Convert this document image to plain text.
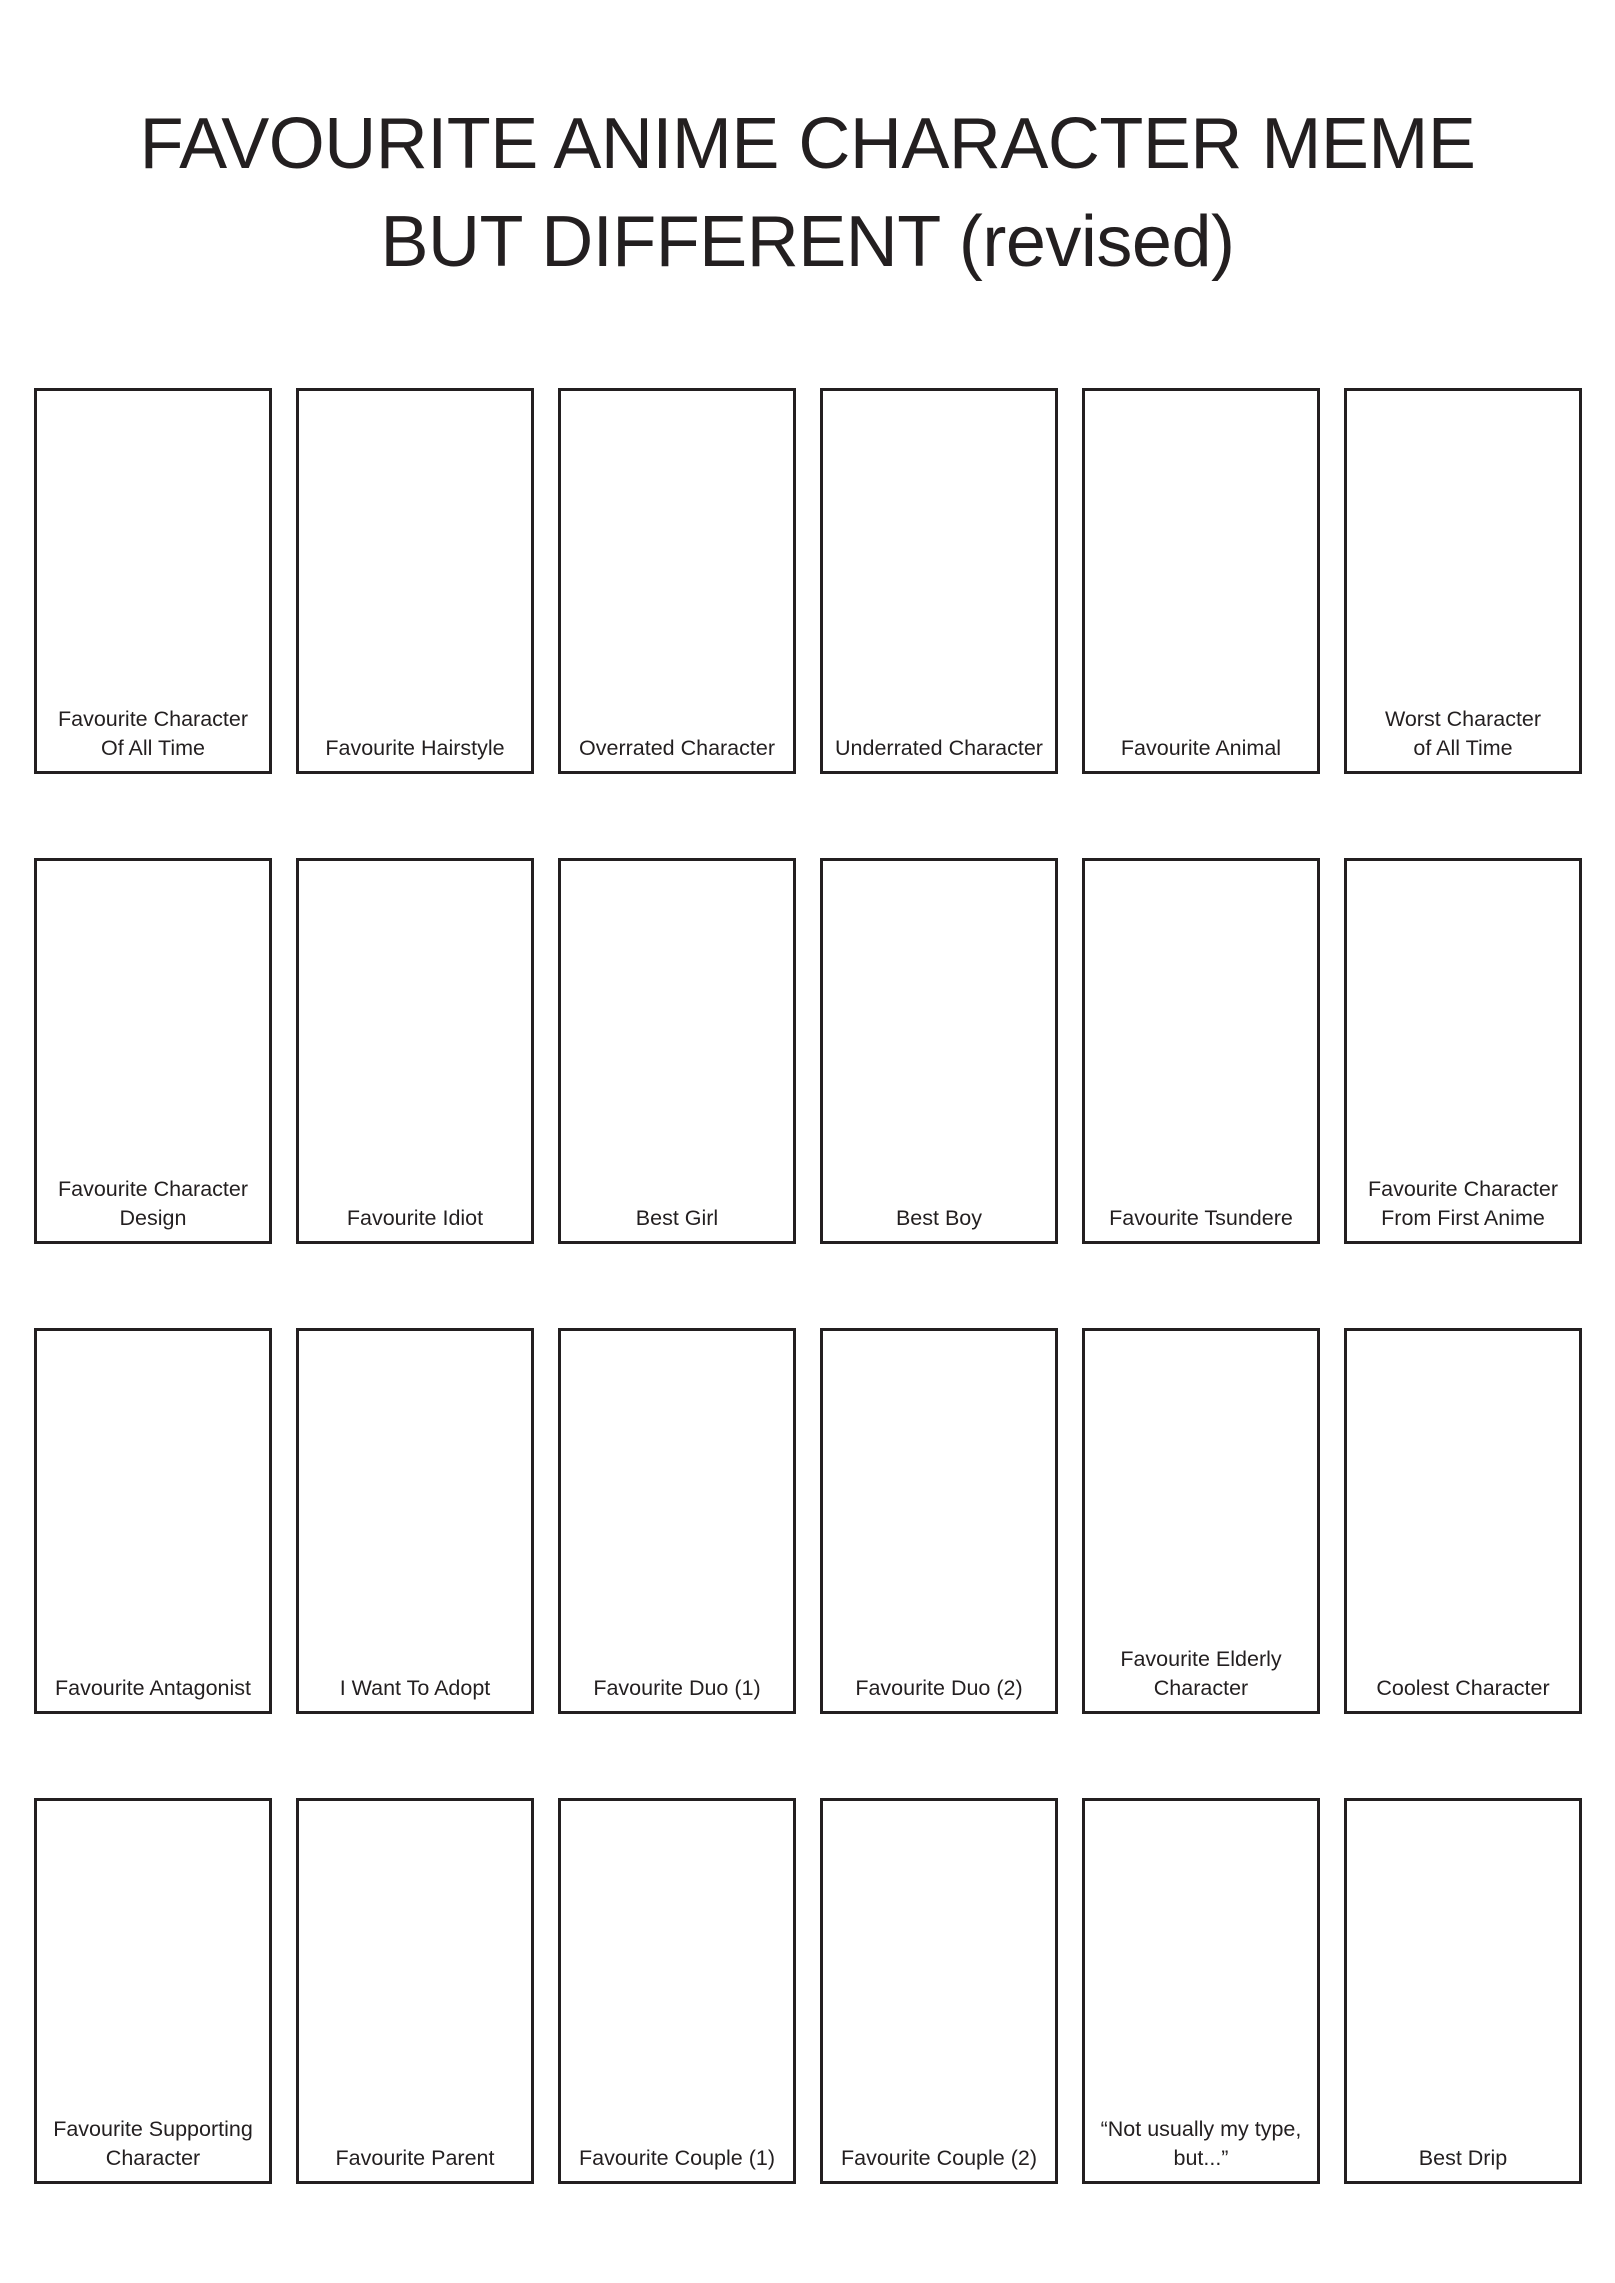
FAVOURITE ANIME CHARACTER MEME
BUT DIFFERENT (revised)
Favourite Character
Of All Time	Favourite Hairstyle	Overrated Character	Underrated Character	Favourite Animal
Worst Character
of All Time
Favourite Character
Design	Favourite Idiot	Best Girl	Best Boy	Favourite Tsundere
Favourite Character
From First Anime
Favourite Antagonist	I Want To Adopt	Favourite Duo (1)	Favourite Duo (2)
Favourite Elderly
Character	Coolest Character
Favourite Supporting
Character	Favourite Parent	Favourite Couple (1)	Favourite Couple (2)
“Not usually my type,
but...”	Best Drip
